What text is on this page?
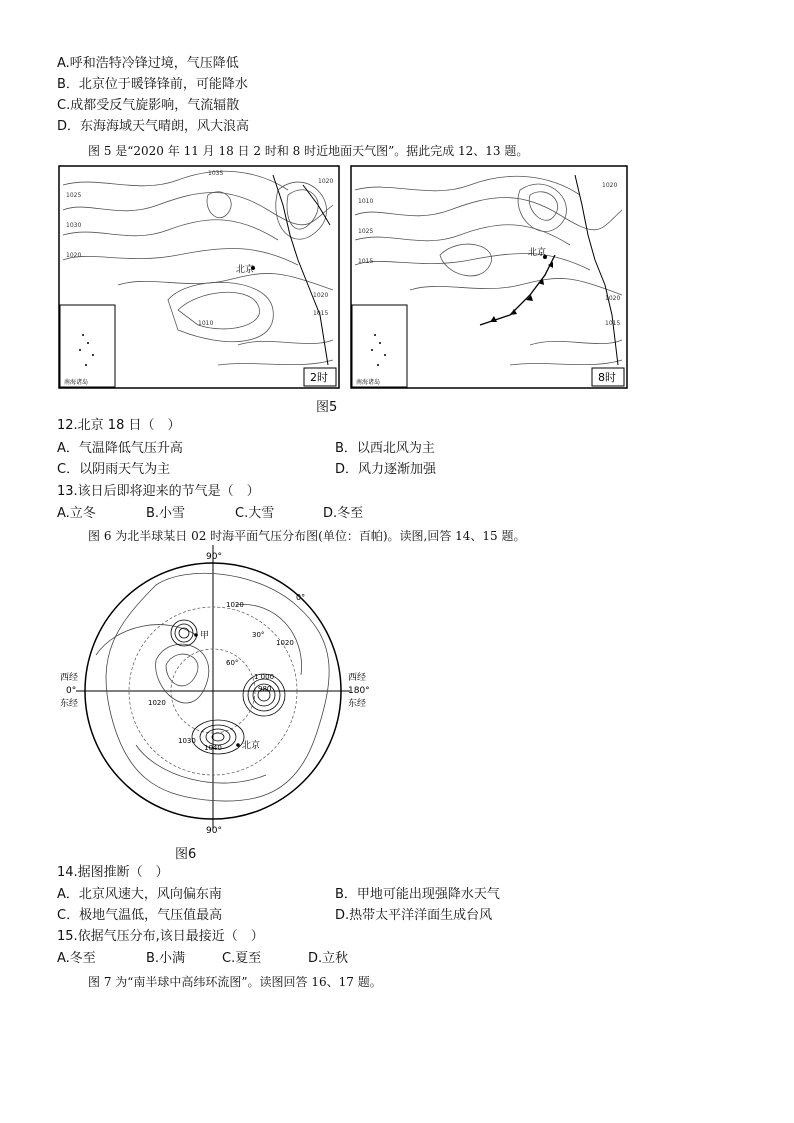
A.呼和浩特冷锋过境，气压降低
B．北京位于暖锋锋前，可能降水
C.成都受反气旋影响，气流辐散
D．东海海域天气晴朗，风大浪高
图 5 是“2020 年 11 月 18 日 2 时和 8 时近地面天气图”。据此完成 12、13 题。
南海诸岛
1025
1030
1020
1020
1020
1015
1010
1035
北京
2时	南海诸岛
1010
1025
1015
1020
1020
1015
北京
8时
图5
12.北京 18 日（　）
A．气温降低气压升高	B．以西北风为主
C．以阴雨天气为主	D．风力逐渐加强
13.该日后即将迎来的节气是（　）
A.立冬	B.小雪	C.大雪	D.冬至
图 6 为北半球某日 02 时海平面气压分布图(单位：百帕)。读图,回答 14、15 题。
90°
90°
甲
北京
0°
30°
60°
1020
1020
1 000
980
1020
1030
1040
西经
0°
东经
西经
180°
东经
图6
14.据图推断（　）
A．北京风速大，风向偏东南	B．甲地可能出现强降水天气
C．极地气温低，气压值最高	D.热带太平洋洋面生成台风
15.依据气压分布,该日最接近（　）
A.冬至	B.小满	C.夏至	D.立秋
图 7 为“南半球中高纬环流图”。读图回答 16、17 题。
